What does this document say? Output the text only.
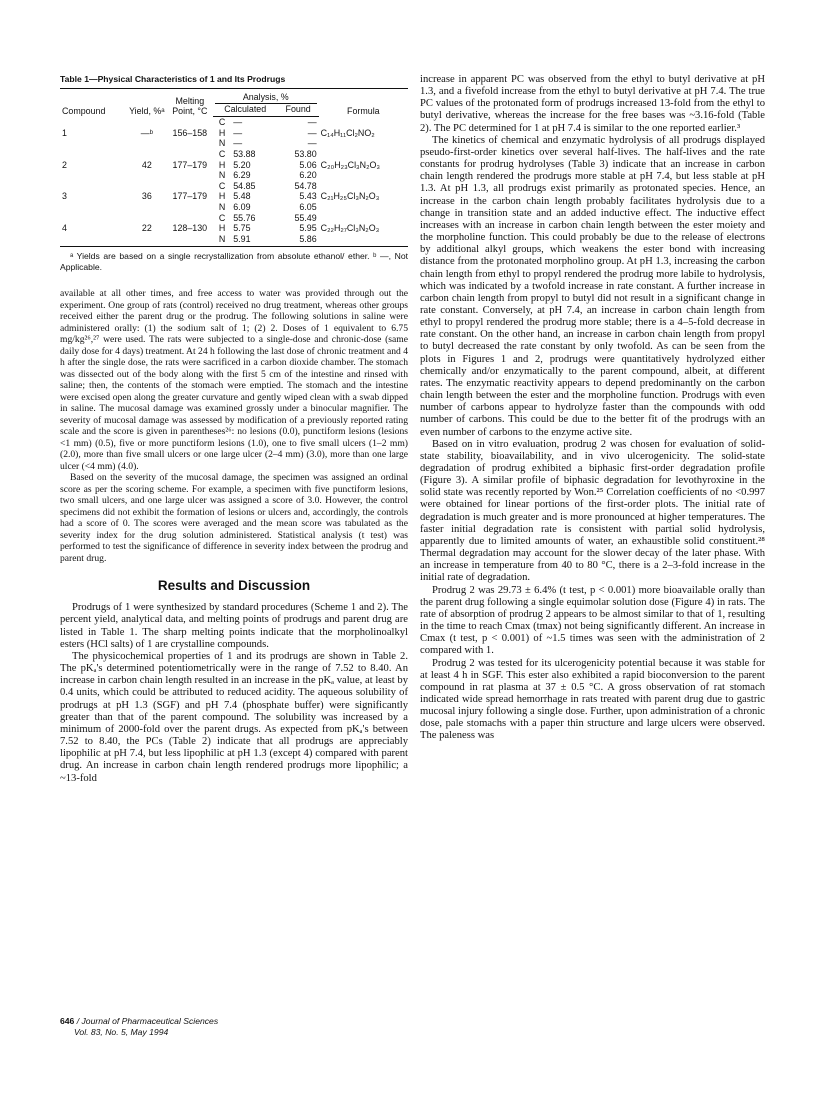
Table 1—Physical Characteristics of 1 and Its Prodrugs
Compound	Yield, %ᵃ	Melting Point, °C	Analysis, %			Formula
			Calculated		Found	
			C	—	—	
1	—ᵇ	156–158	H	—	—	C₁₄H₁₁Cl₂NO₂
			N	—	—	
			C	53.88	53.80	
2	42	177–179	H	5.20	5.06	C₂₀H₂₃Cl₃N₂O₃
			N	6.29	6.20	
			C	54.85	54.78	
3	36	177–179	H	5.48	5.43	C₂₁H₂₅Cl₃N₂O₃
			N	6.09	6.05	
			C	55.76	55.49	
4	22	128–130	H	5.75	5.95	C₂₂H₂₇Cl₃N₂O₃
			N	5.91	5.86	

ᵃ Yields are based on a single recrystallization from absolute ethanol/ ether. ᵇ —, Not Applicable.

available at all other times, and free access to water was provided through out the experiment. One group of rats (control) received no drug treatment, whereas other groups received either the parent drug or the prodrug. The following solutions in saline were administered orally: (1) the sodium salt of 1; (2) 2. Doses of 1 equivalent to 6.75 mg/kg²⁶,²⁷ were used. The rats were subjected to a single-dose and chronic-dose (same daily dose for 4 days) treatment. At 24 h following the last dose of chronic treatment and 4 h after the single dose, the rats were sacrificed in a carbon dioxide chamber. The stomach was dissected out of the body along with the first 5 cm of the intestine and rinsed with saline; then, the contents of the stomach were emptied. The stomach and the intestine were excised open along the greater curvature and gently wiped clean with a swab dipped in saline. The mucosal damage was examined grossly under a binocular magnifier. The severity of mucosal damage was assessed by modification of a previously reported rating scale and the score is given in parentheses²⁶: no lesions (0.0), punctiform lesions (lesions <1 mm) (0.5), five or more punctiform lesions (1.0), one to five small ulcers (1–2 mm) (2.0), more than five small ulcers or one large ulcer (2–4 mm) (3.0), more than one large ulcer (<4 mm) (4.0).

Based on the severity of the mucosal damage, the specimen was assigned an ordinal score as per the scoring scheme. For example, a specimen with five punctiform lesions, two small ulcers, and one large ulcer was assigned a score of 3.0. However, the control specimens did not exhibit the formation of lesions or ulcers and, accordingly, the controls had a score of 0. The scores were averaged and the mean score was tabulated as the severity index for the drug solution administered. Statistical analysis (t test) was performed to test the significance of difference in severity index between the prodrug and parent drug.

Results and Discussion

Prodrugs of 1 were synthesized by standard procedures (Scheme 1 and 2). The percent yield, analytical data, and melting points of prodrugs and parent drug are listed in Table 1. The sharp melting points indicate that the morpholinoalkyl esters (HCl salts) of 1 are crystalline compounds.

The physicochemical properties of 1 and its prodrugs are shown in Table 2. The pKₐ's determined potentiometrically were in the range of 7.52 to 8.40. An increase in carbon chain length resulted in an increase in the pKₐ value, at least by 0.4 units, which could be attributed to reduced acidity. The aqueous solubility of prodrugs at pH 1.3 (SGF) and pH 7.4 (phosphate buffer) were significantly greater than that of the parent compound. The solubility was increased by a minimum of 2000-fold over the parent drugs. As expected from pKₐ's between 7.52 to 8.40, the PCs (Table 2) indicate that all prodrugs are appreciably lipophilic at pH 7.4, but less lipophilic at pH 1.3 (except 4) compared with parent drug. An increase in carbon chain length rendered prodrugs more lipophilic; a ~13-fold

increase in apparent PC was observed from the ethyl to butyl derivative at pH 1.3, and a fivefold increase from the ethyl to butyl derivative at pH 7.4. The true PC values of the protonated form of prodrugs increased 13-fold from the ethyl to butyl derivative, whereas the increase for the free bases was ~3.16-fold (Table 2). The PC determined for 1 at pH 7.4 is similar to the one reported earlier.³

The kinetics of chemical and enzymatic hydrolysis of all prodrugs displayed pseudo-first-order kinetics over several half-lives. The half-lives and the rate constants for prodrug hydrolyses (Table 3) indicate that an increase in carbon chain length rendered the prodrugs more stable at pH 7.4, but less stable at pH 1.3. At pH 1.3, all prodrugs exist primarily as protonated species. Hence, an increase in the carbon chain length probably facilitates hydrolysis due to a change in transition state and an added inductive effect. The inductive effect increases with an increase in carbon chain length between the ester moiety and the morpholine function. This could probably be due to the release of electrons by additional alkyl groups, which weakens the ester bond with increasing distance from the protonated morpholino group. At pH 1.3, increasing the carbon chain length from ethyl to propyl rendered the prodrug more labile to hydrolysis, which was indicated by a twofold increase in rate constant. A further increase in carbon chain length from propyl to butyl did not result in a significant change in rate constant. Conversely, at pH 7.4, an increase in carbon chain length from ethyl to propyl rendered the prodrug more stable; there is a 4–5-fold decrease in rate constant. On the other hand, an increase in carbon chain length from propyl to butyl decreased the rate constant by only twofold. As can be seen from the plots in Figures 1 and 2, prodrugs were quantitatively hydrolyzed either chemically and/or enzymatically to the parent compound, albeit, at different rates. The enzymatic reactivity appears to depend predominantly on the carbon chain length between the ester and the morpholine function. Prodrugs with even number of carbons appear to hydrolyze faster than the compounds with odd number of carbons. This could be due to the better fit of the prodrugs with an even number of carbons to the enzyme active site.

Based on in vitro evaluation, prodrug 2 was chosen for evaluation of solid-state stability, bioavailability, and in vivo ulcerogenicity. The solid-state degradation of prodrug exhibited a biphasic first-order degradation profile (Figure 3). A similar profile of biphasic degradation for levothyroxine in the solid state was recently reported by Won.²⁵ Correlation coefficients of no <0.997 were obtained for linear portions of the first-order plots. The initial rate of degradation is much greater and is more pronounced at higher temperatures. The faster initial degradation rate is consistent with partial solid hydrolysis, apparently due to limited amounts of water, an exhaustible solid constituent.²⁸ Thermal degradation may account for the slower decay of the later phase. With an increase in temperature from 40 to 80 °C, there is a 2–3-fold increase in the initial rate of degradation.

Prodrug 2 was 29.73 ± 6.4% (t test, p < 0.001) more bioavailable orally than the parent drug following a single equimolar solution dose (Figure 4) in rats. The rate of absorption of prodrug 2 appears to be almost similar to that of 1, resulting in the time to reach Cmax (tmax) not being significantly different. An increase in Cmax (t test, p < 0.001) of ~1.5 times was seen with the administration of 2 compared with 1.

Prodrug 2 was tested for its ulcerogenicity potential because it was stable for at least 4 h in SGF. This ester also exhibited a rapid bioconversion to the parent compound in rat plasma at 37 ± 0.5 °C. A gross observation of rat stomach indicated wide spread hemorrhage in rats treated with parent drug due to gastric mucosal injury following a single dose. Further, upon administration of a chronic dose, pale stomachs with a paper thin structure and large ulcers were observed. The paleness was

646 / Journal of Pharmaceutical Sciences
Vol. 83, No. 5, May 1994
